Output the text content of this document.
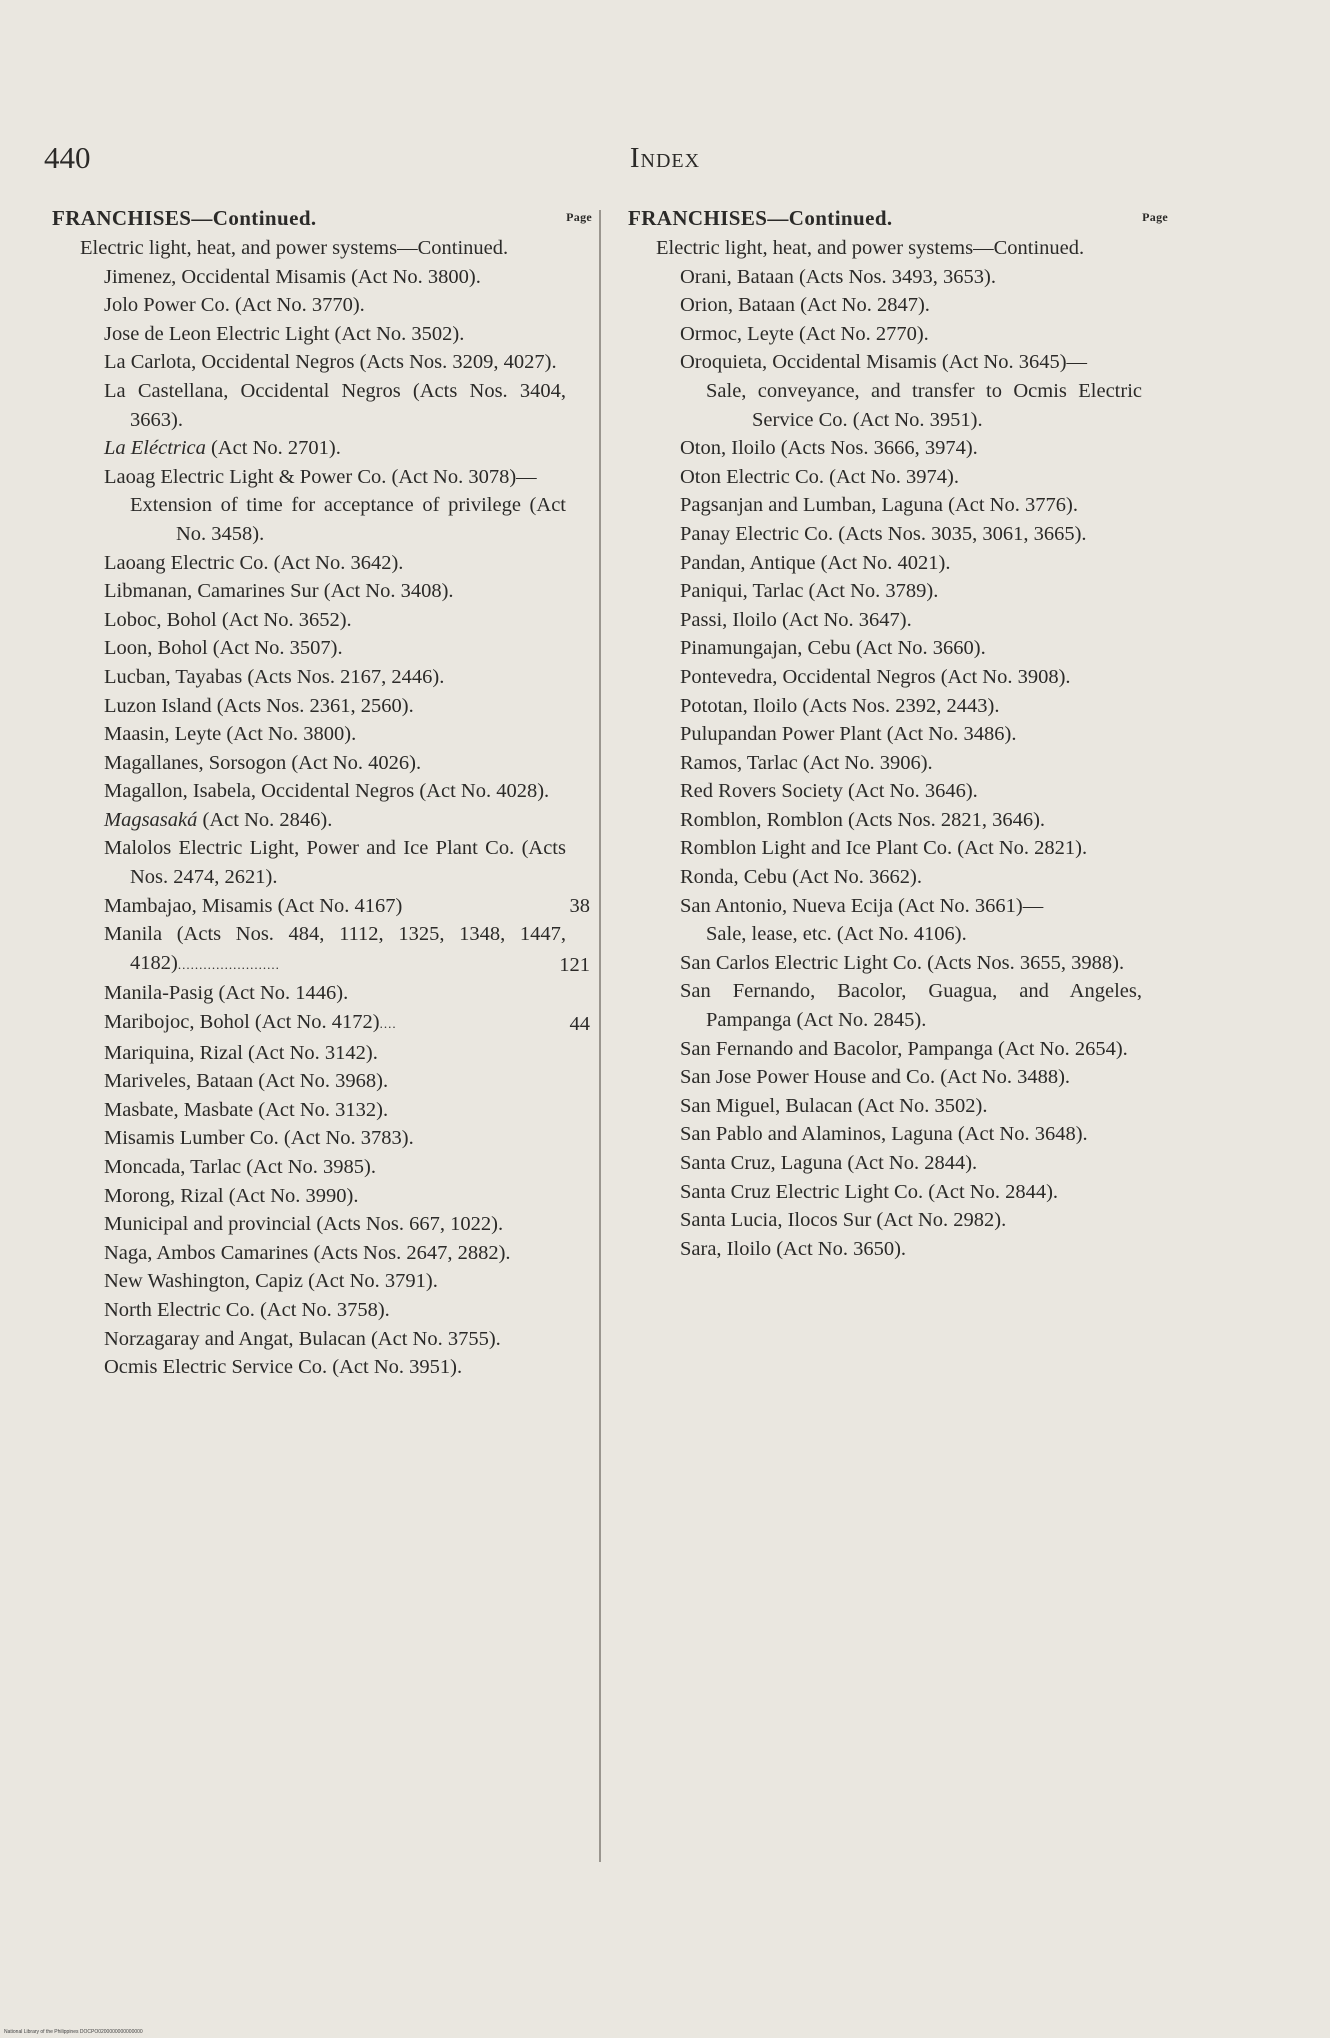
440	Index
FRANCHISES—Continued.	Page
Electric light, heat, and power systems—Continued.
Jimenez, Occidental Misamis (Act No. 3800).
Jolo Power Co. (Act No. 3770).
Jose de Leon Electric Light (Act No. 3502).
La Carlota, Occidental Negros (Acts Nos. 3209, 4027).
La Castellana, Occidental Negros (Acts Nos. 3404, 3663).
La Eléctrica (Act No. 2701).
Laoag Electric Light & Power Co. (Act No. 3078)—
Extension of time for acceptance of privilege (Act No. 3458).
Laoang Electric Co. (Act No. 3642).
Libmanan, Camarines Sur (Act No. 3408).
Loboc, Bohol (Act No. 3652).
Loon, Bohol (Act No. 3507).
Lucban, Tayabas (Acts Nos. 2167, 2446).
Luzon Island (Acts Nos. 2361, 2560).
Maasin, Leyte (Act No. 3800).
Magallanes, Sorsogon (Act No. 4026).
Magallon, Isabela, Occidental Negros (Act No. 4028).
Magsasaká (Act No. 2846).
Malolos Electric Light, Power and Ice Plant Co. (Acts Nos. 2474, 2621).
Mambajao, Misamis (Act No. 4167)	38
Manila (Acts Nos. 484, 1112, 1325, 1348, 1447, 4182)........................	121
Manila-Pasig (Act No. 1446).
Maribojoc, Bohol (Act No. 4172)....	44
Mariquina, Rizal (Act No. 3142).
Mariveles, Bataan (Act No. 3968).
Masbate, Masbate (Act No. 3132).
Misamis Lumber Co. (Act No. 3783).
Moncada, Tarlac (Act No. 3985).
Morong, Rizal (Act No. 3990).
Municipal and provincial (Acts Nos. 667, 1022).
Naga, Ambos Camarines (Acts Nos. 2647, 2882).
New Washington, Capiz (Act No. 3791).
North Electric Co. (Act No. 3758).
Norzagaray and Angat, Bulacan (Act No. 3755).
Ocmis Electric Service Co. (Act No. 3951).
FRANCHISES—Continued.	Page
Electric light, heat, and power systems—Continued.
Orani, Bataan (Acts Nos. 3493, 3653).
Orion, Bataan (Act No. 2847).
Ormoc, Leyte (Act No. 2770).
Oroquieta, Occidental Misamis (Act No. 3645)—
Sale, conveyance, and transfer to Ocmis Electric Service Co. (Act No. 3951).
Oton, Iloilo (Acts Nos. 3666, 3974).
Oton Electric Co. (Act No. 3974).
Pagsanjan and Lumban, Laguna (Act No. 3776).
Panay Electric Co. (Acts Nos. 3035, 3061, 3665).
Pandan, Antique (Act No. 4021).
Paniqui, Tarlac (Act No. 3789).
Passi, Iloilo (Act No. 3647).
Pinamungajan, Cebu (Act No. 3660).
Pontevedra, Occidental Negros (Act No. 3908).
Pototan, Iloilo (Acts Nos. 2392, 2443).
Pulupandan Power Plant (Act No. 3486).
Ramos, Tarlac (Act No. 3906).
Red Rovers Society (Act No. 3646).
Romblon, Romblon (Acts Nos. 2821, 3646).
Romblon Light and Ice Plant Co. (Act No. 2821).
Ronda, Cebu (Act No. 3662).
San Antonio, Nueva Ecija (Act No. 3661)—
Sale, lease, etc. (Act No. 4106).
San Carlos Electric Light Co. (Acts Nos. 3655, 3988).
San Fernando, Bacolor, Guagua, and Angeles, Pampanga (Act No. 2845).
San Fernando and Bacolor, Pampanga (Act No. 2654).
San Jose Power House and Co. (Act No. 3488).
San Miguel, Bulacan (Act No. 3502).
San Pablo and Alaminos, Laguna (Act No. 3648).
Santa Cruz, Laguna (Act No. 2844).
Santa Cruz Electric Light Co. (Act No. 2844).
Santa Lucia, Ilocos Sur (Act No. 2982).
Sara, Iloilo (Act No. 3650).
National Library of the Philippines DOCPO0200000000000000
